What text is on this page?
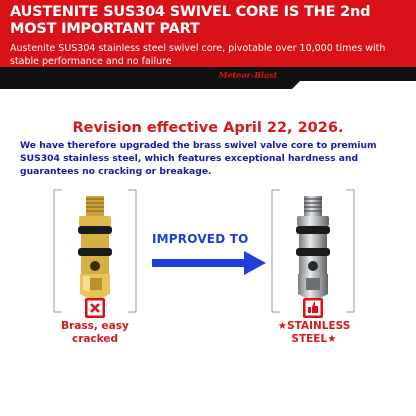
AUSTENITE SUS304 SWIVEL CORE IS THE 2nd MOST IMPORTANT PART

Austenite SUS304 stainless steel swivel core, pivotable over 10,000 times with stable performance and no failure

Meteor-Blast
Revision effective April 22, 2026.

We have therefore upgraded the brass swivel valve core to premium SUS304 stainless steel, which features exceptional hardness and guarantees no cracking or breakage.

Brass, easy cracked

IMPROVED TO

★STAINLESS STEEL★
